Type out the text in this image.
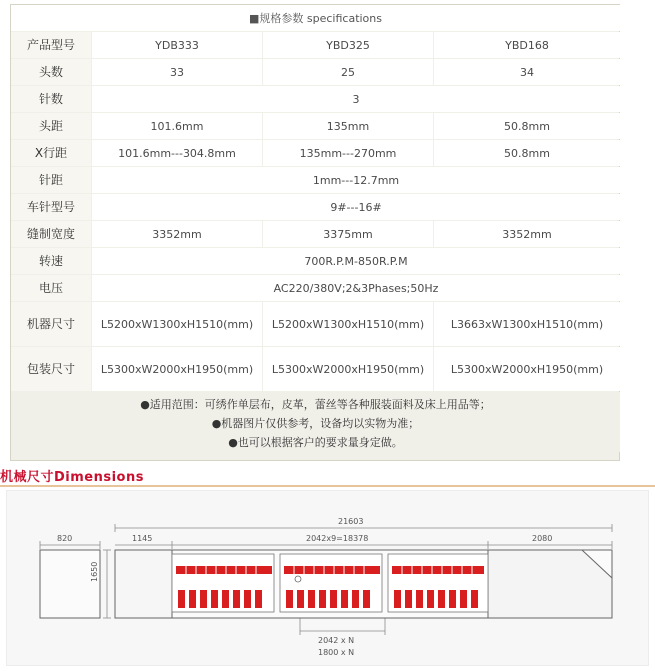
■规格参数 specifications			
产品型号	YDB333	YBD325	YBD168
头数	33	25	34
针数	3		
头距	101.6mm	135mm	50.8mm
X行距	101.6mm---304.8mm	135mm---270mm	50.8mm
针距	1mm---12.7mm		
车针型号	9#---16#		
缝制宽度	3352mm	3375mm	3352mm
转速	700R.P.M-850R.P.M		
电压	AC220/380V;2&3Phases;50Hz		
机器尺寸	L5200xW1300xH1510(mm)	L5200xW1300xH1510(mm)	L3663xW1300xH1510(mm)
包装尺寸	L5300xW2000xH1950(mm)	L5300xW2000xH1950(mm)	L5300xW2000xH1950(mm)

●适用范围：可绣作单层布，皮革，蕾丝等各种服装面料及床上用品等；
●机器图片仅供参考，设备均以实物为准；
●也可以根据客户的要求量身定做。			
机械尺寸Dimensions
820	1145
21603
2042x9=18378	2080
1650
2042 x N
1800 x N
